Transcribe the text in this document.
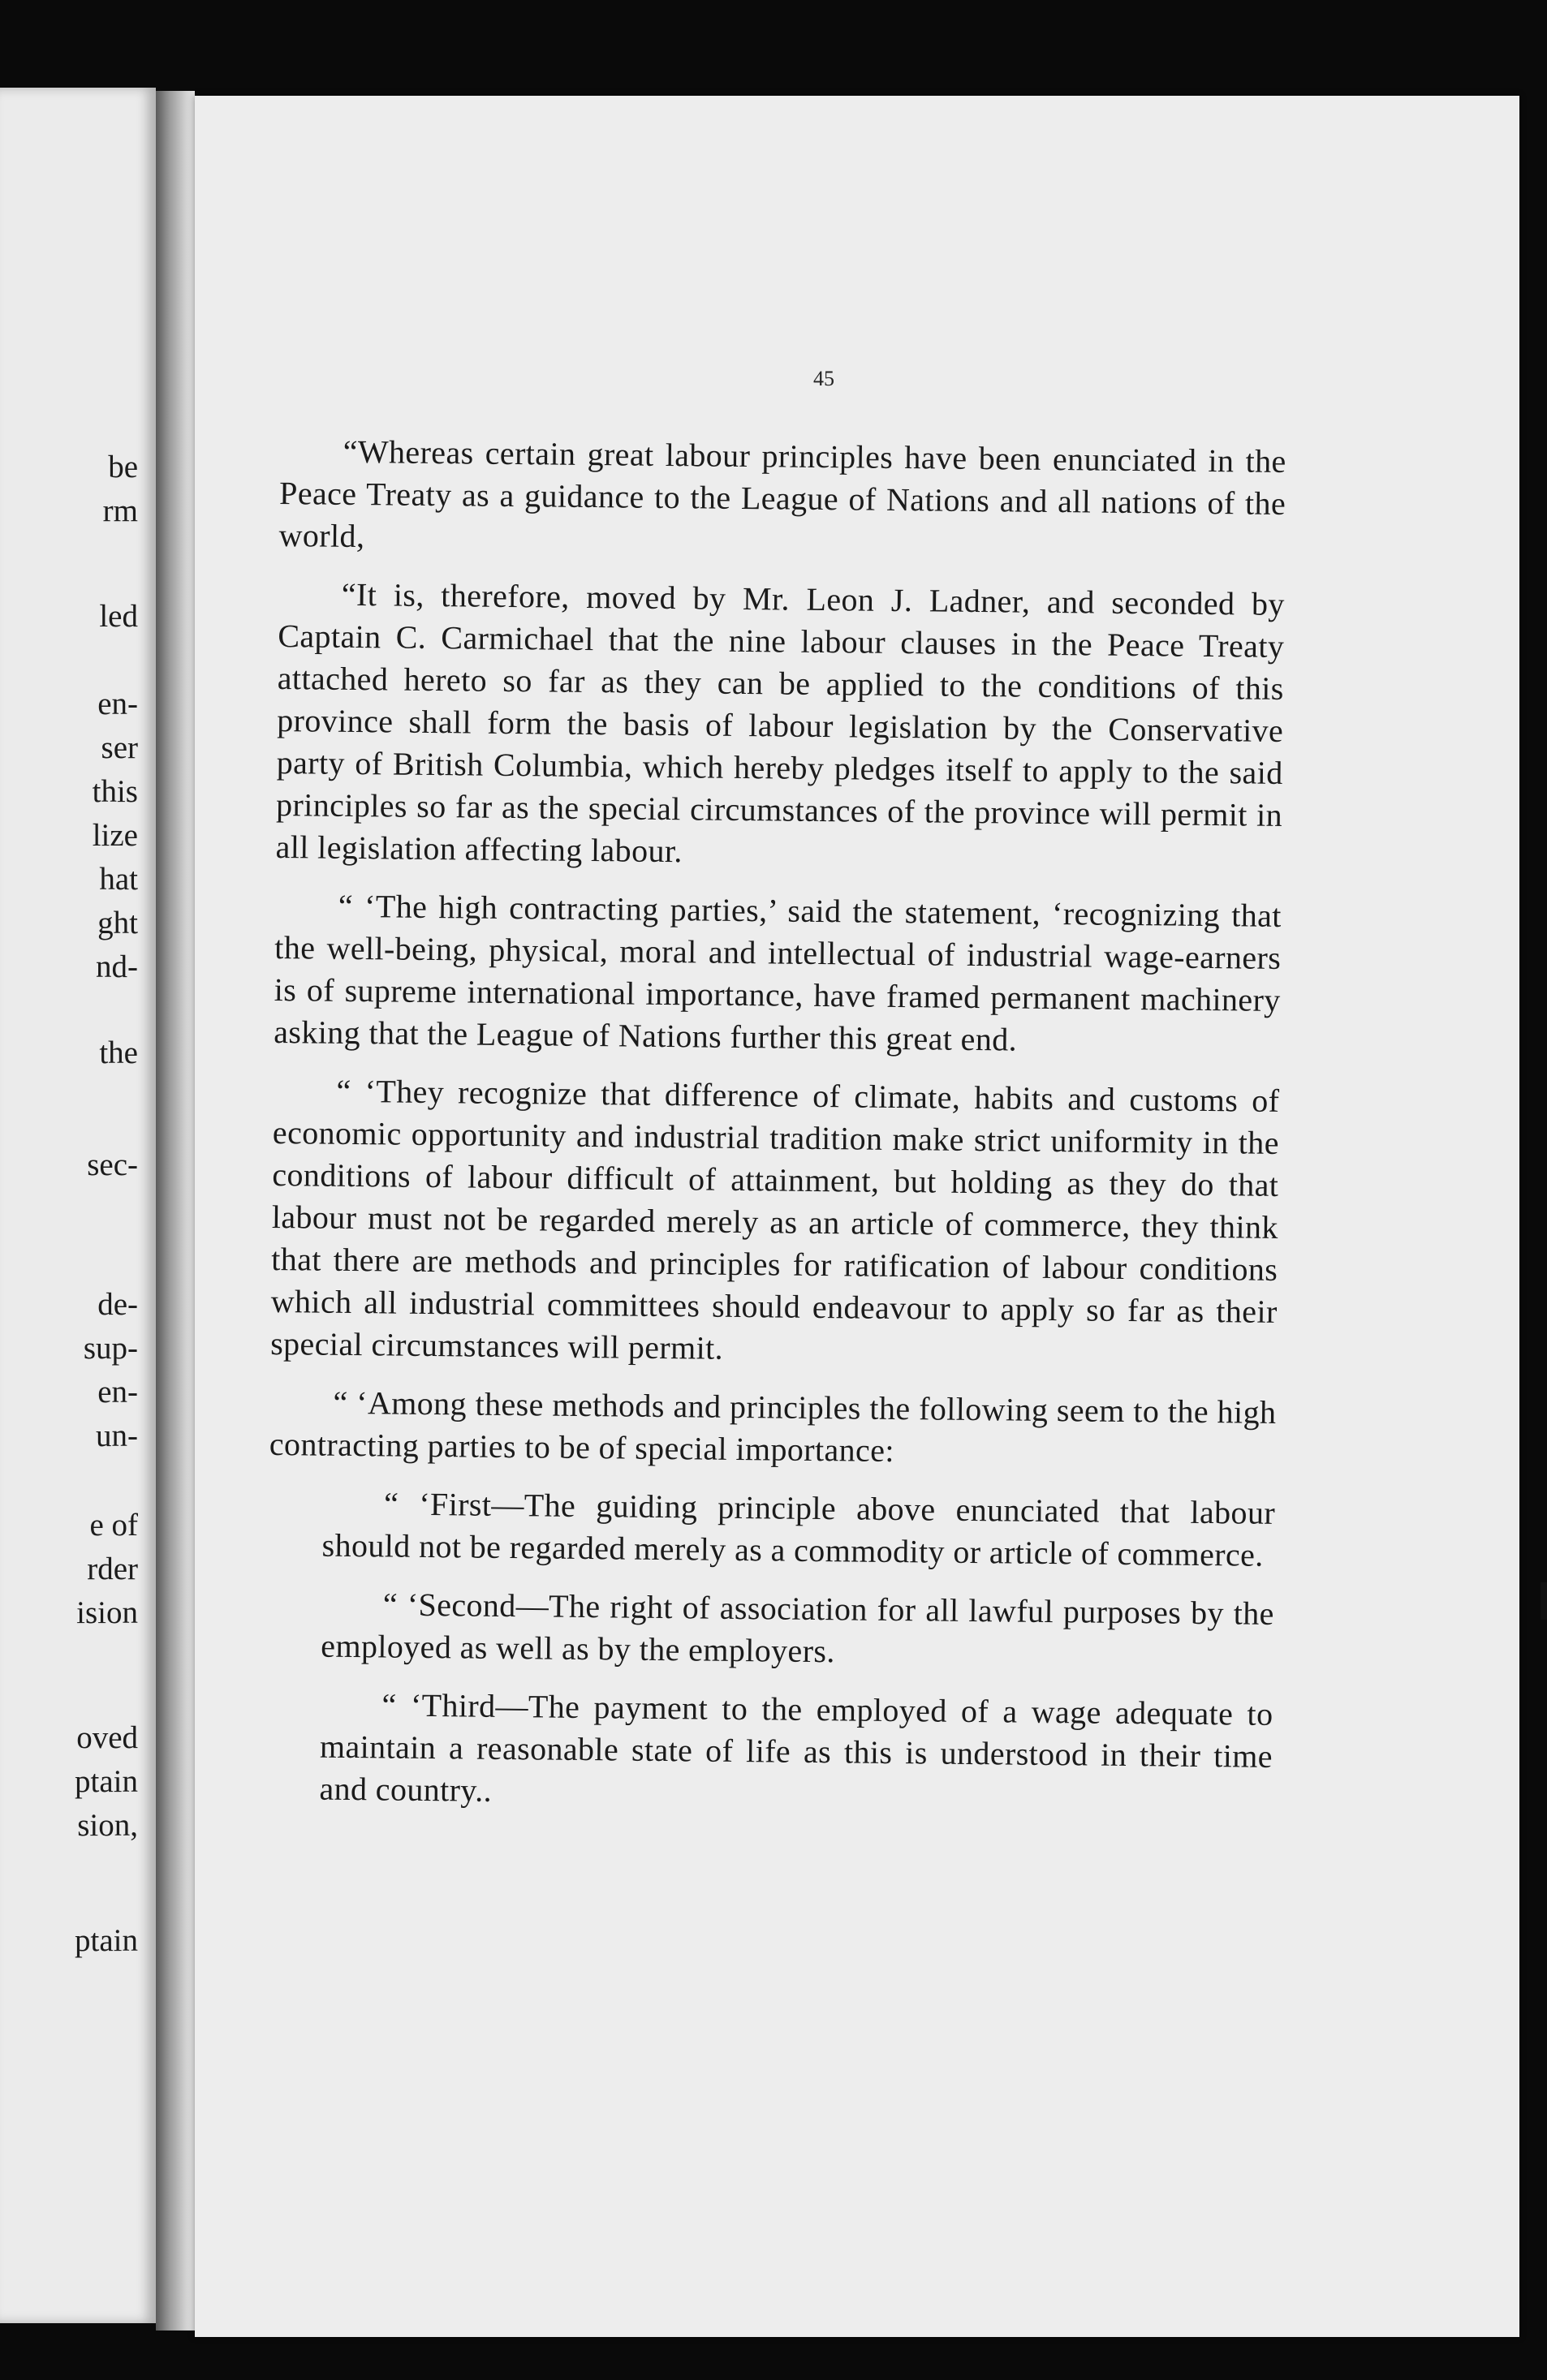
be
rm
led
en-
ser
this
lize
hat
ght
nd-
the
sec-
de-
sup-
en-
un-
e of
rder
ision
oved
ptain
sion,
ptain
45

“Whereas certain great labour principles have been enunciated in the Peace Treaty as a guidance to the League of Nations and all nations of the world,

“It is, therefore, moved by Mr. Leon J. Ladner, and seconded by Captain C. Carmichael that the nine labour clauses in the Peace Treaty attached hereto so far as they can be applied to the conditions of this province shall form the basis of labour legislation by the Conservative party of British Columbia, which hereby pledges itself to apply to the said principles so far as the special circumstances of the province will permit in all legislation affecting labour.

“ ‘The high contracting parties,’ said the statement, ‘recognizing that the well-being, physical, moral and intellectual of industrial wage-earners is of supreme international importance, have framed permanent machinery asking that the League of Nations further this great end.

“ ‘They recognize that difference of climate, habits and customs of economic opportunity and industrial tradition make strict uniformity in the conditions of labour difficult of attainment, but holding as they do that labour must not be regarded merely as an article of commerce, they think that there are methods and principles for ratification of labour conditions which all industrial committees should endeavour to apply so far as their special circumstances will permit.

“ ‘Among these methods and principles the following seem to the high contracting parties to be of special importance:

“ ‘First—The guiding principle above enunciated that labour should not be regarded merely as a commodity or article of commerce.

“ ‘Second—The right of association for all lawful purposes by the employed as well as by the employers.

“ ‘Third—The payment to the employed of a wage adequate to maintain a reasonable state of life as this is understood in their time and country..
